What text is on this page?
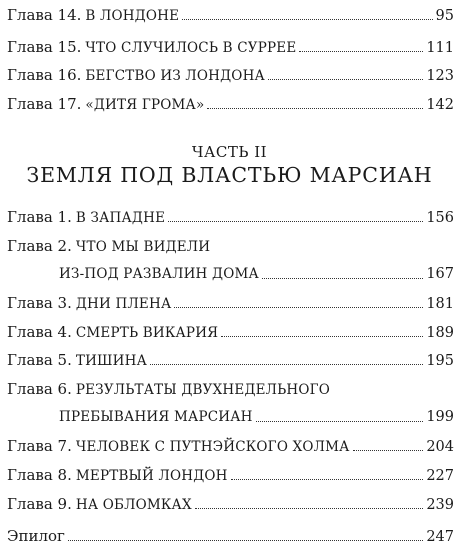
Глава 14. В ЛОНДОНЕ	95
Глава 15. ЧТО СЛУЧИЛОСЬ В СУРРЕЕ	111
Глава 16. БЕГСТВО ИЗ ЛОНДОНА	123
Глава 17. «ДИТЯ ГРОМА»	142
ЧАСТЬ II
ЗЕМЛЯ ПОД ВЛАСТЬЮ МАРСИАН
Глава 1. В ЗАПАДНЕ	156
Глава 2. ЧТО МЫ ВИДЕЛИ
ИЗ-ПОД РАЗВАЛИН ДОМА	167
Глава 3. ДНИ ПЛЕНА	181
Глава 4. СМЕРТЬ ВИКАРИЯ	189
Глава 5. ТИШИНА	195
Глава 6. РЕЗУЛЬТАТЫ ДВУХНЕДЕЛЬНОГО
ПРЕБЫВАНИЯ МАРСИАН	199
Глава 7. ЧЕЛОВЕК С ПУТНЭЙСКОГО ХОЛМА	204
Глава 8. МЕРТВЫЙ ЛОНДОН	227
Глава 9. НА ОБЛОМКАХ	239
Эпилог	247
